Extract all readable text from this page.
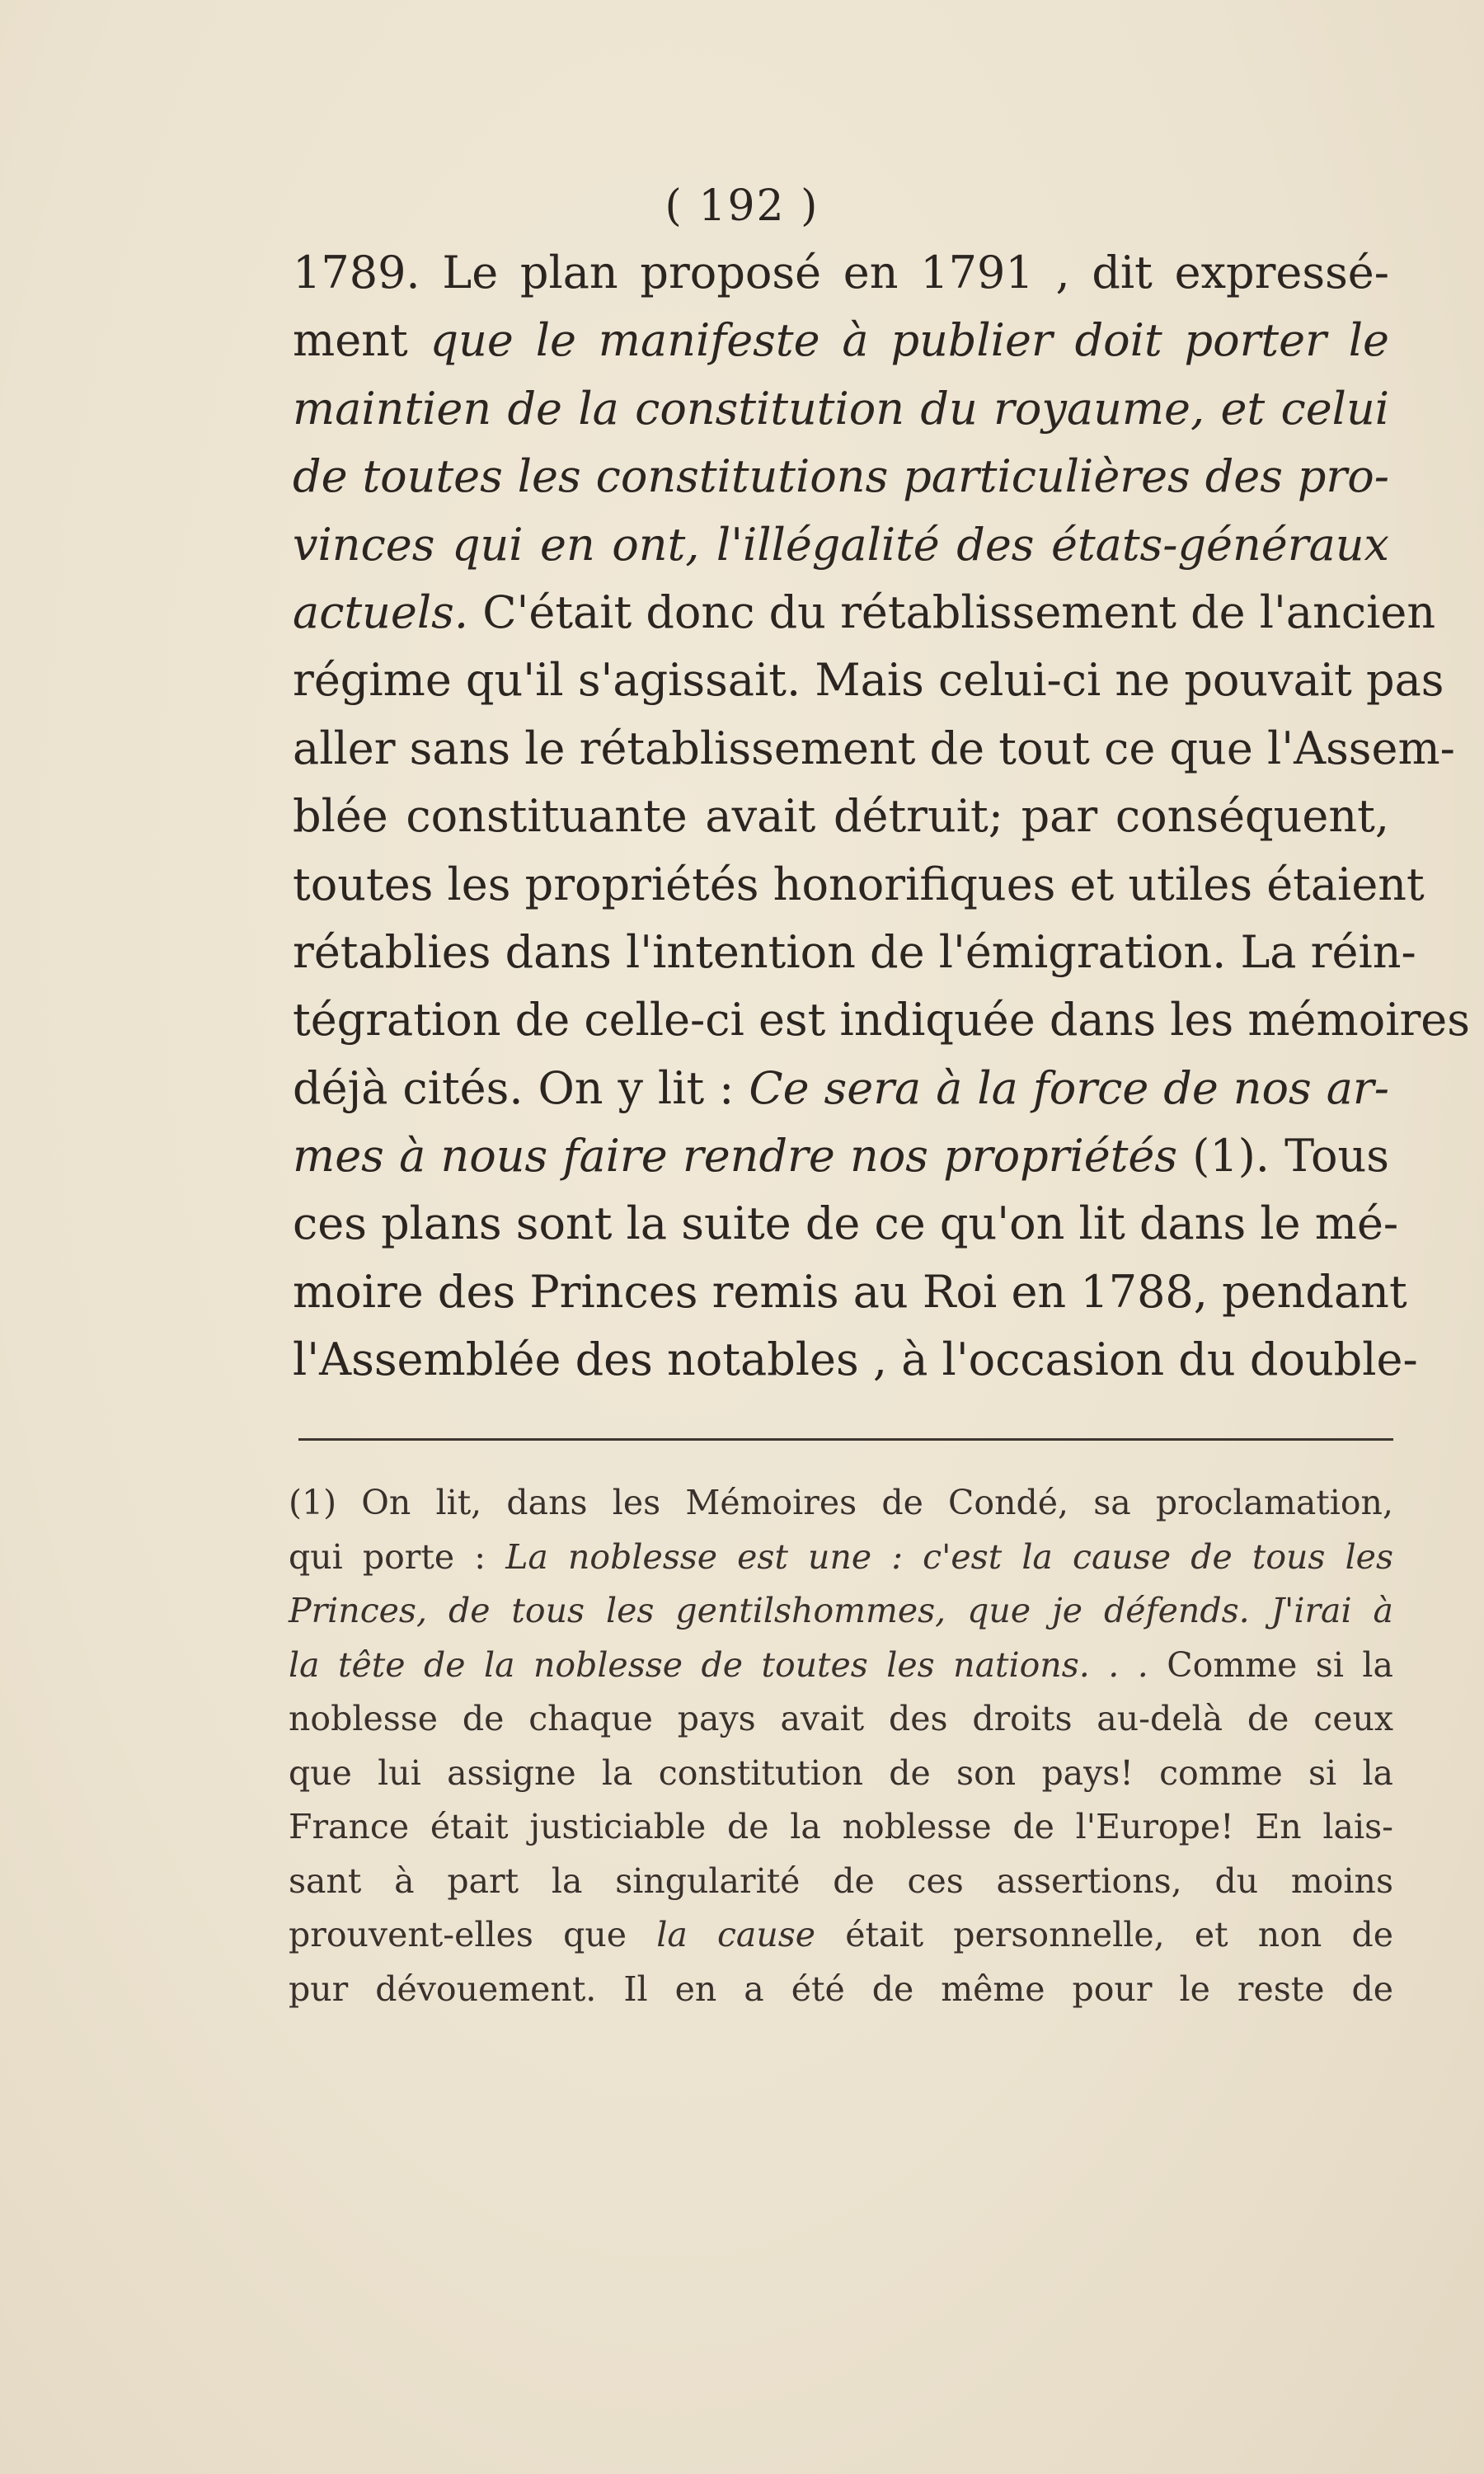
( 192 )
1789. Le plan proposé en 1791 , dit expressé-
ment que le manifeste à publier doit porter le
maintien de la constitution du royaume, et celui
de toutes les constitutions particulières des pro-
vinces qui en ont, l'illégalité des états-généraux
actuels. C'était donc du rétablissement de l'ancien
régime qu'il s'agissait. Mais celui-ci ne pouvait pas
aller sans le rétablissement de tout ce que l'Assem-
blée constituante avait détruit; par conséquent,
toutes les propriétés honorifiques et utiles étaient
rétablies dans l'intention de l'émigration. La réin-
tégration de celle-ci est indiquée dans les mémoires
déjà cités. On y lit : Ce sera à la force de nos ar-
mes à nous faire rendre nos propriétés (1). Tous
ces plans sont la suite de ce qu'on lit dans le mé-
moire des Princes remis au Roi en 1788, pendant
l'Assemblée des notables , à l'occasion du double-
(1) On lit, dans les Mémoires de Condé, sa proclamation,
qui porte : La noblesse est une : c'est la cause de tous les
Princes, de tous les gentilshommes, que je défends. J'irai à
la tête de la noblesse de toutes les nations. . . Comme si la
noblesse de chaque pays avait des droits au-delà de ceux
que lui assigne la constitution de son pays! comme si la
France était justiciable de la noblesse de l'Europe! En lais-
sant à part la singularité de ces assertions, du moins
prouvent-elles que la cause était personnelle, et non de
pur dévouement. Il en a été de même pour le reste de
